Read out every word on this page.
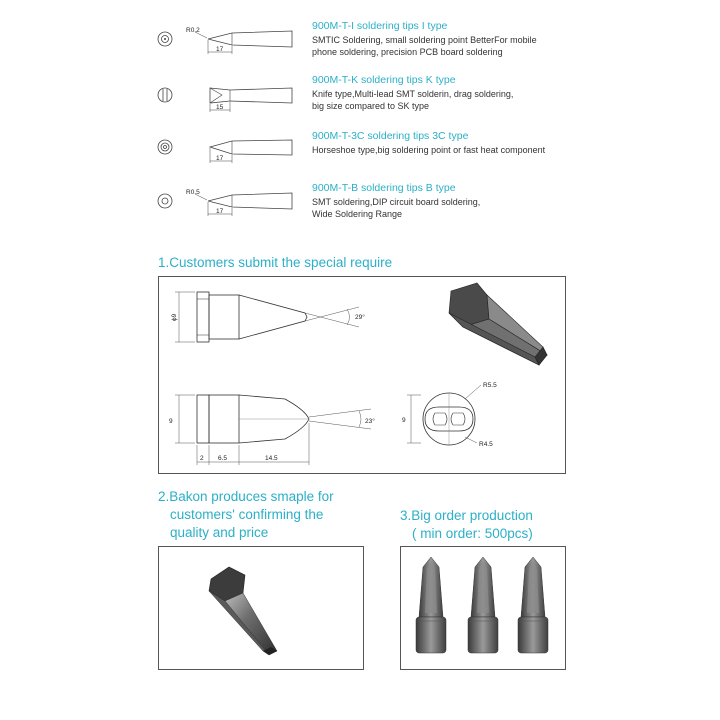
R0.2
17
900M-T-I soldering tips I type
SMTIC Soldering, small soldering point BetterFor mobile
phone soldering, precision PCB board soldering
15
900M-T-K soldering tips K type
Knife type,Multi-lead SMT solderin, drag soldering,
big size compared to SK type
17
900M-T-3C soldering tips 3C type
Horseshoe type,big soldering point or fast heat component
R0.5
17
900M-T-B soldering tips B type
SMT soldering,DIP circuit board soldering,
Wide Soldering Range
1.Customers submit the special require
ϕ9	29°
9	23°
2 6.5	14.5
9
R5.5
R4.5
2.Bakon produces smaple for
customers' confirming the
quality and price
3.Big order production
( min order: 500pcs)
